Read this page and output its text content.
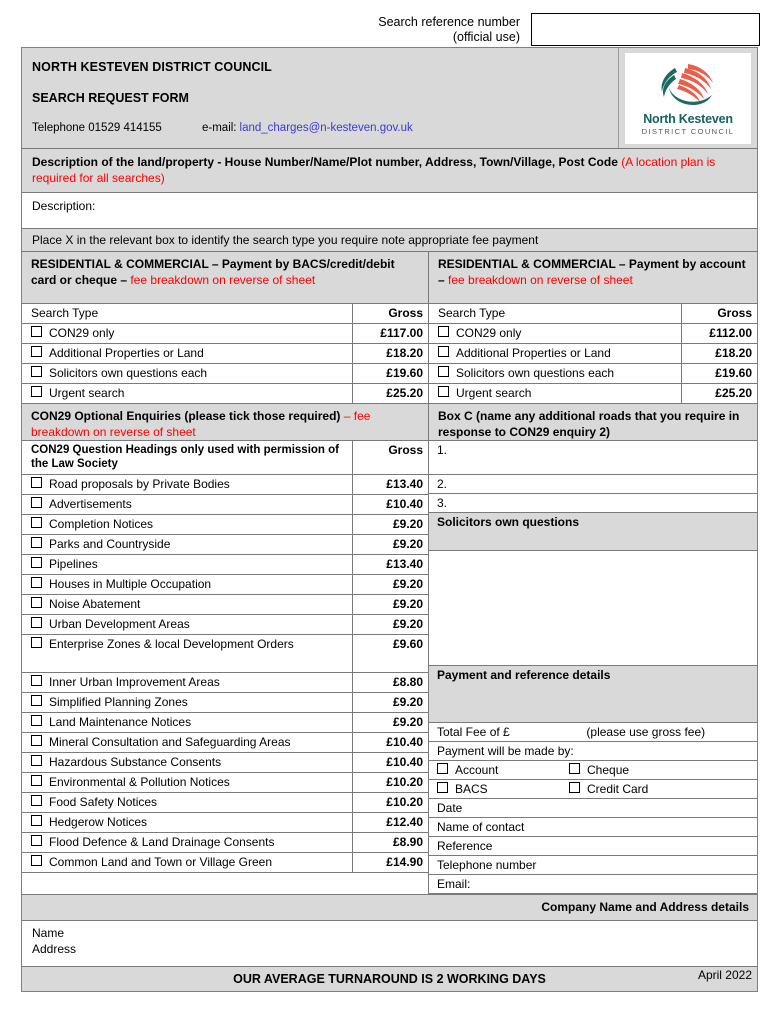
Search reference number
(official use)
NORTH KESTEVEN DISTRICT COUNCIL
SEARCH REQUEST FORM
Telephone 01529 414155	e-mail: land_charges@n-kesteven.gov.uk
North Kesteven
DISTRICT COUNCIL
Description of the land/property - House Number/Name/Plot number, Address, Town/Village, Post Code (A location plan is required for all searches)
Description:
Place X in the relevant box to identify the search type you require note appropriate fee payment
RESIDENTIAL & COMMERCIAL – Payment by BACS/credit/debit card or cheque – fee breakdown on reverse of sheet
RESIDENTIAL & COMMERCIAL – Payment by account – fee breakdown on reverse of sheet
Search Type	Gross
CON29 only	£117.00
Additional Properties or Land	£18.20
Solicitors own questions each	£19.60
Urgent search	£25.20
Search Type	Gross
CON29 only	£112.00
Additional Properties or Land	£18.20
Solicitors own questions each	£19.60
Urgent search	£25.20
CON29 Optional Enquiries (please tick those required) – fee breakdown on reverse of sheet
CON29 Question Headings only used with permission of the Law Society
Gross
Road proposals by Private Bodies	£13.40
Advertisements	£10.40
Completion Notices	£9.20
Parks and Countryside	£9.20
Pipelines	£13.40
Houses in Multiple Occupation	£9.20
Noise Abatement	£9.20
Urban Development Areas	£9.20
Enterprise Zones & local Development Orders	£9.60
Inner Urban Improvement Areas	£8.80
Simplified Planning Zones	£9.20
Land Maintenance Notices	£9.20
Mineral Consultation and Safeguarding Areas	£10.40
Hazardous Substance Consents	£10.40
Environmental & Pollution Notices	£10.20
Food Safety Notices	£10.20
Hedgerow Notices	£12.40
Flood Defence & Land Drainage Consents	£8.90
Common Land and Town or Village Green	£14.90
Box C (name any additional roads that you require in response to CON29 enquiry 2)
1.
2.
3.
Solicitors own questions
Payment and reference details
Total Fee of £	(please use gross fee)
Payment will be made by:
Account	Cheque
BACS	Credit Card
Date
Name of contact
Reference
Telephone number
Email:
Company Name and Address details
Name
Address
OUR AVERAGE TURNAROUND IS 2 WORKING DAYS	April 2022
